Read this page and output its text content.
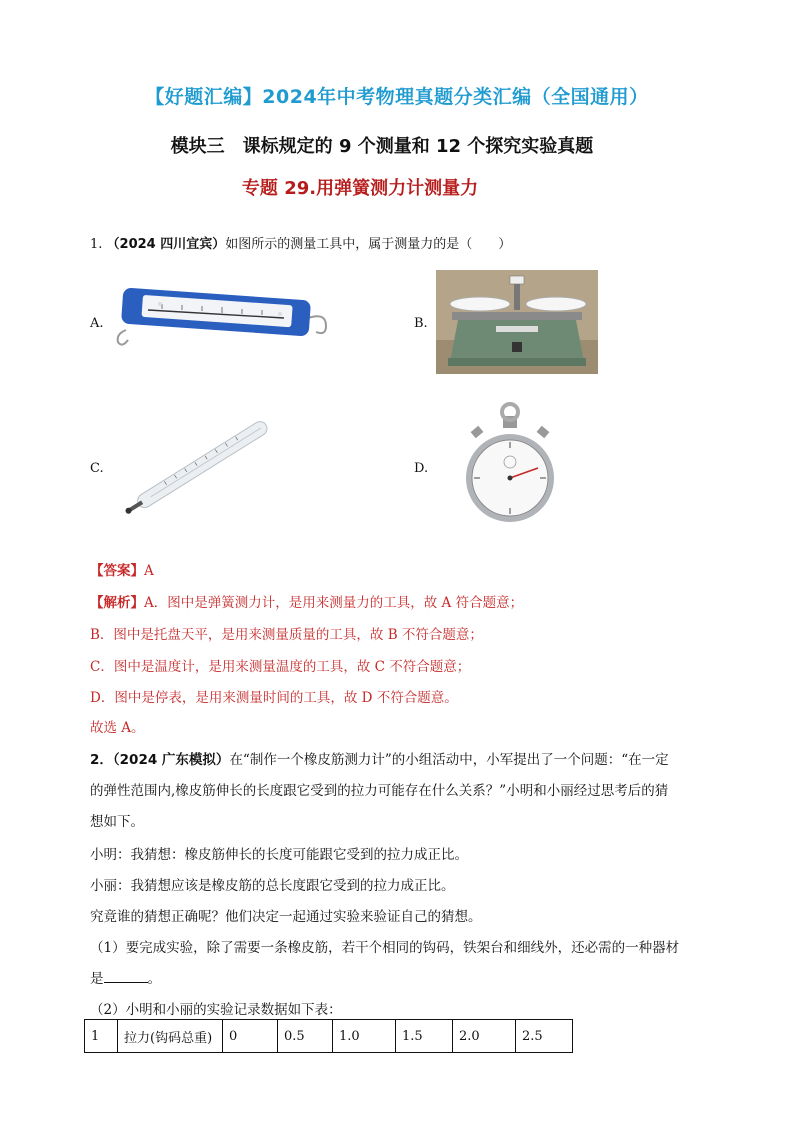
【好题汇编】2024年中考物理真题分类汇编（全国通用）
模块三　课标规定的 9 个测量和 12 个探究实验真题
专题 29.用弹簧测力计测量力
1. （2024 四川宜宾）如图所示的测量工具中，属于测量力的是（　　）
A.	B.
C.	D.
【答案】A
【解析】A．图中是弹簧测力计，是用来测量力的工具，故 A 符合题意；
B．图中是托盘天平，是用来测量质量的工具，故 B 不符合题意；
C．图中是温度计，是用来测量温度的工具，故 C 不符合题意；
D．图中是停表，是用来测量时间的工具，故 D 不符合题意。
故选 A。
2．（2024 广东模拟）在“制作一个橡皮筋测力计”的小组活动中，小军提出了一个问题：“在一定
的弹性范围内,橡皮筋伸长的长度跟它受到的拉力可能存在什么关系？”小明和小丽经过思考后的猜
想如下。
小明：我猜想：橡皮筋伸长的长度可能跟它受到的拉力成正比。
小丽：我猜想应该是橡皮筋的总长度跟它受到的拉力成正比。
究竟谁的猜想正确呢？他们决定一起通过实验来验证自己的猜想。
（1）要完成实验，除了需要一条橡皮筋，若干个相同的钩码，铁架台和细线外，还必需的一种器材
是	。
（2）小明和小丽的实验记录数据如下表：
1	拉力(钩码总重)	0	0.5	1.0	1.5	2.0	2.5
